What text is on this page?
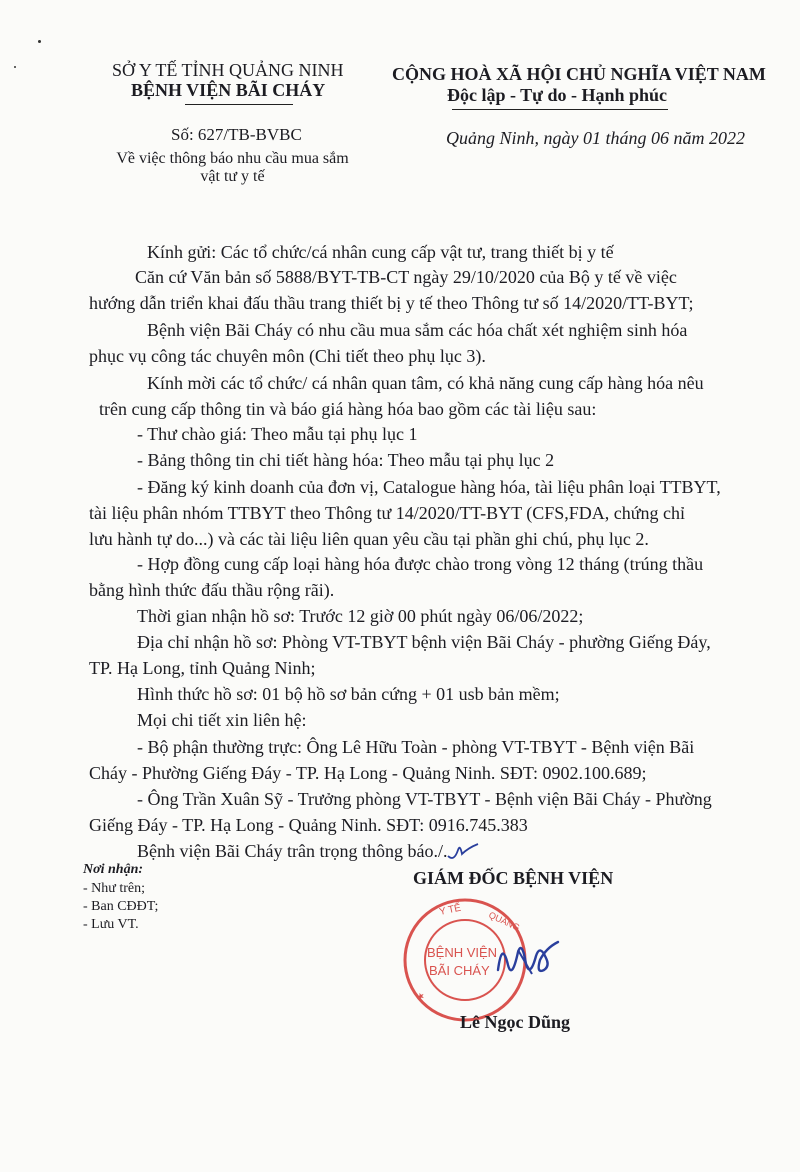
SỞ Y TẾ TỈNH QUẢNG NINH
BỆNH VIỆN BÃI CHÁY
Số: 627/TB-BVBC
Về việc thông báo nhu cầu mua sắm
vật tư y tế
CỘNG HOÀ XÃ HỘI CHỦ NGHĨA VIỆT NAM
Độc lập - Tự do - Hạnh phúc
Quảng Ninh, ngày 01 tháng 06 năm 2022
Kính gửi: Các tổ chức/cá nhân cung cấp vật tư, trang thiết bị y tế
Căn cứ Văn bản số 5888/BYT-TB-CT ngày 29/10/2020 của Bộ y tế về việc
hướng dẫn triển khai đấu thầu trang thiết bị y tế theo Thông tư số 14/2020/TT-BYT;
Bệnh viện Bãi Cháy có nhu cầu mua sắm các hóa chất xét nghiệm sinh hóa
phục vụ công tác chuyên môn (Chi tiết theo phụ lục 3).
Kính mời các tổ chức/ cá nhân quan tâm, có khả năng cung cấp hàng hóa nêu
trên cung cấp thông tin và báo giá hàng hóa bao gồm các tài liệu sau:
- Thư chào giá: Theo mẫu tại phụ lục 1
- Bảng thông tin chi tiết hàng hóa: Theo mẫu tại phụ lục 2
- Đăng ký kinh doanh của đơn vị, Catalogue hàng hóa, tài liệu phân loại TTBYT,
tài liệu phân nhóm TTBYT theo Thông tư 14/2020/TT-BYT (CFS,FDA, chứng chỉ
lưu hành tự do...) và các tài liệu liên quan yêu cầu tại phần ghi chú, phụ lục 2.
- Hợp đồng cung cấp loại hàng hóa được chào trong vòng 12 tháng (trúng thầu
bằng hình thức đấu thầu rộng rãi).
Thời gian nhận hồ sơ: Trước 12 giờ 00 phút ngày 06/06/2022;
Địa chỉ nhận hồ sơ: Phòng VT-TBYT bệnh viện Bãi Cháy - phường Giếng Đáy,
TP. Hạ Long, tỉnh Quảng Ninh;
Hình thức hồ sơ: 01 bộ hồ sơ bản cứng + 01 usb bản mềm;
Mọi chi tiết xin liên hệ:
- Bộ phận thường trực: Ông Lê Hữu Toàn - phòng VT-TBYT - Bệnh viện Bãi
Cháy - Phường Giếng Đáy - TP. Hạ Long - Quảng Ninh. SĐT: 0902.100.689;
- Ông Trần Xuân Sỹ - Trưởng phòng VT-TBYT - Bệnh viện Bãi Cháy - Phường
Giếng Đáy - TP. Hạ Long - Quảng Ninh. SĐT: 0916.745.383
Bệnh viện Bãi Cháy trân trọng thông báo./.
Nơi nhận:
- Như trên;
- Ban CĐĐT;
- Lưu VT.
GIÁM ĐỐC BỆNH VIỆN
Y TẾ	QUẢNG
★
BỆNH VIỆN
BÃI CHÁY
Lê Ngọc Dũng
